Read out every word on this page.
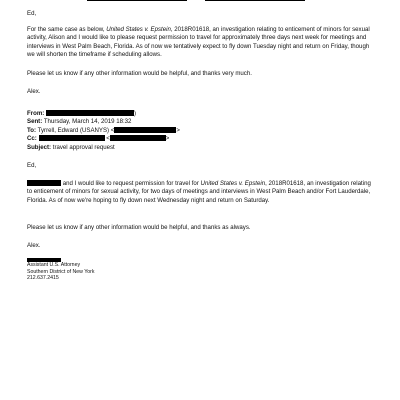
Ed,

For the same case as below, United States v. Epstein, 2018R01618, an investigation relating to enticement of minors for sexual activity, Alison and I would like to please request permission to travel for approximately three days next week for meetings and interviews in West Palm Beach, Florida. As of now we tentatively expect to fly down Tuesday night and return on Friday, though we will shorten the timeframe if scheduling allows.

Please let us know if any other information would be helpful, and thanks very much.

Alex.

From:	)
Sent: Thursday, March 14, 2019 18:32
To: Tyrrell, Edward (USANYS) <	>
Cc:	<	>
Subject: travel approval request

Ed,

and I would like to request permission for travel for United States v. Epstein, 2018R01618, an investigation relating to enticement of minors for sexual activity, for two days of meetings and interviews in West Palm Beach and/or Fort Lauderdale, Florida. As of now we're hoping to fly down next Wednesday night and return on Saturday.

Please let us know if any other information would be helpful, and thanks as always.

Alex.

Assistant U.S. Attorney
Southern District of New York
212.637.2415
